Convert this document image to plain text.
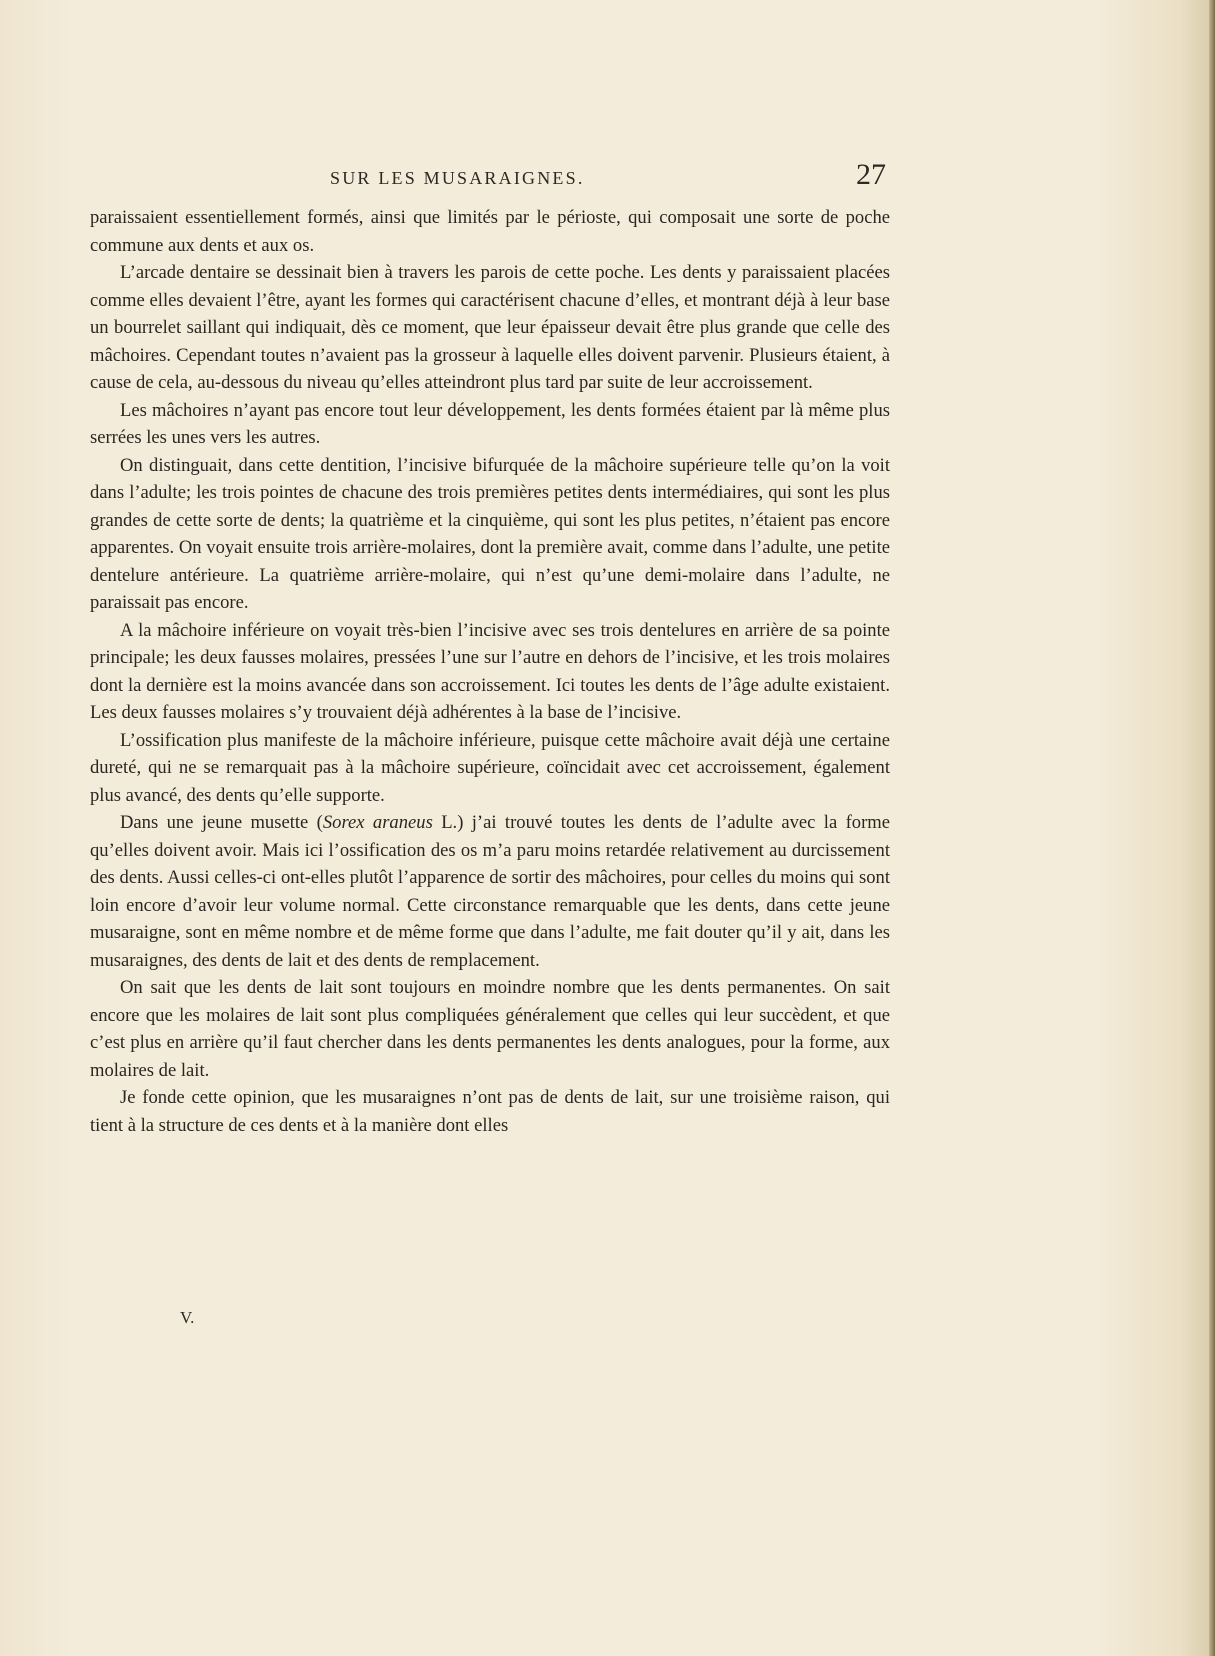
SUR LES MUSARAIGNES.	27

paraissaient essentiellement formés, ainsi que limités par le périoste, qui composait une sorte de poche commune aux dents et aux os.

L’arcade dentaire se dessinait bien à travers les parois de cette poche. Les dents y paraissaient placées comme elles devaient l’être, ayant les formes qui caractérisent chacune d’elles, et montrant déjà à leur base un bourrelet saillant qui indiquait, dès ce moment, que leur épaisseur devait être plus grande que celle des mâchoires. Cependant toutes n’avaient pas la grosseur à laquelle elles doivent parvenir. Plusieurs étaient, à cause de cela, au-dessous du niveau qu’elles atteindront plus tard par suite de leur accroissement.

Les mâchoires n’ayant pas encore tout leur développement, les dents formées étaient par là même plus serrées les unes vers les autres.

On distinguait, dans cette dentition, l’incisive bifurquée de la mâchoire supérieure telle qu’on la voit dans l’adulte; les trois pointes de chacune des trois premières petites dents intermédiaires, qui sont les plus grandes de cette sorte de dents; la quatrième et la cinquième, qui sont les plus petites, n’étaient pas encore apparentes. On voyait ensuite trois arrière-molaires, dont la première avait, comme dans l’adulte, une petite dentelure antérieure. La quatrième arrière-molaire, qui n’est qu’une demi-molaire dans l’adulte, ne paraissait pas encore.

A la mâchoire inférieure on voyait très-bien l’incisive avec ses trois dentelures en arrière de sa pointe principale; les deux fausses molaires, pressées l’une sur l’autre en dehors de l’incisive, et les trois molaires dont la dernière est la moins avancée dans son accroissement. Ici toutes les dents de l’âge adulte existaient. Les deux fausses molaires s’y trouvaient déjà adhérentes à la base de l’incisive.

L’ossification plus manifeste de la mâchoire inférieure, puisque cette mâchoire avait déjà une certaine dureté, qui ne se remarquait pas à la mâchoire supérieure, coïncidait avec cet accroissement, également plus avancé, des dents qu’elle supporte.

Dans une jeune musette (Sorex araneus L.) j’ai trouvé toutes les dents de l’adulte avec la forme qu’elles doivent avoir. Mais ici l’ossification des os m’a paru moins retardée relativement au durcissement des dents. Aussi celles-ci ont-elles plutôt l’apparence de sortir des mâchoires, pour celles du moins qui sont loin encore d’avoir leur volume normal. Cette circonstance remarquable que les dents, dans cette jeune musaraigne, sont en même nombre et de même forme que dans l’adulte, me fait douter qu’il y ait, dans les musaraignes, des dents de lait et des dents de remplacement.

On sait que les dents de lait sont toujours en moindre nombre que les dents permanentes. On sait encore que les molaires de lait sont plus compliquées généralement que celles qui leur succèdent, et que c’est plus en arrière qu’il faut chercher dans les dents permanentes les dents analogues, pour la forme, aux molaires de lait.

Je fonde cette opinion, que les musaraignes n’ont pas de dents de lait, sur une troisième raison, qui tient à la structure de ces dents et à la manière dont elles

V.
